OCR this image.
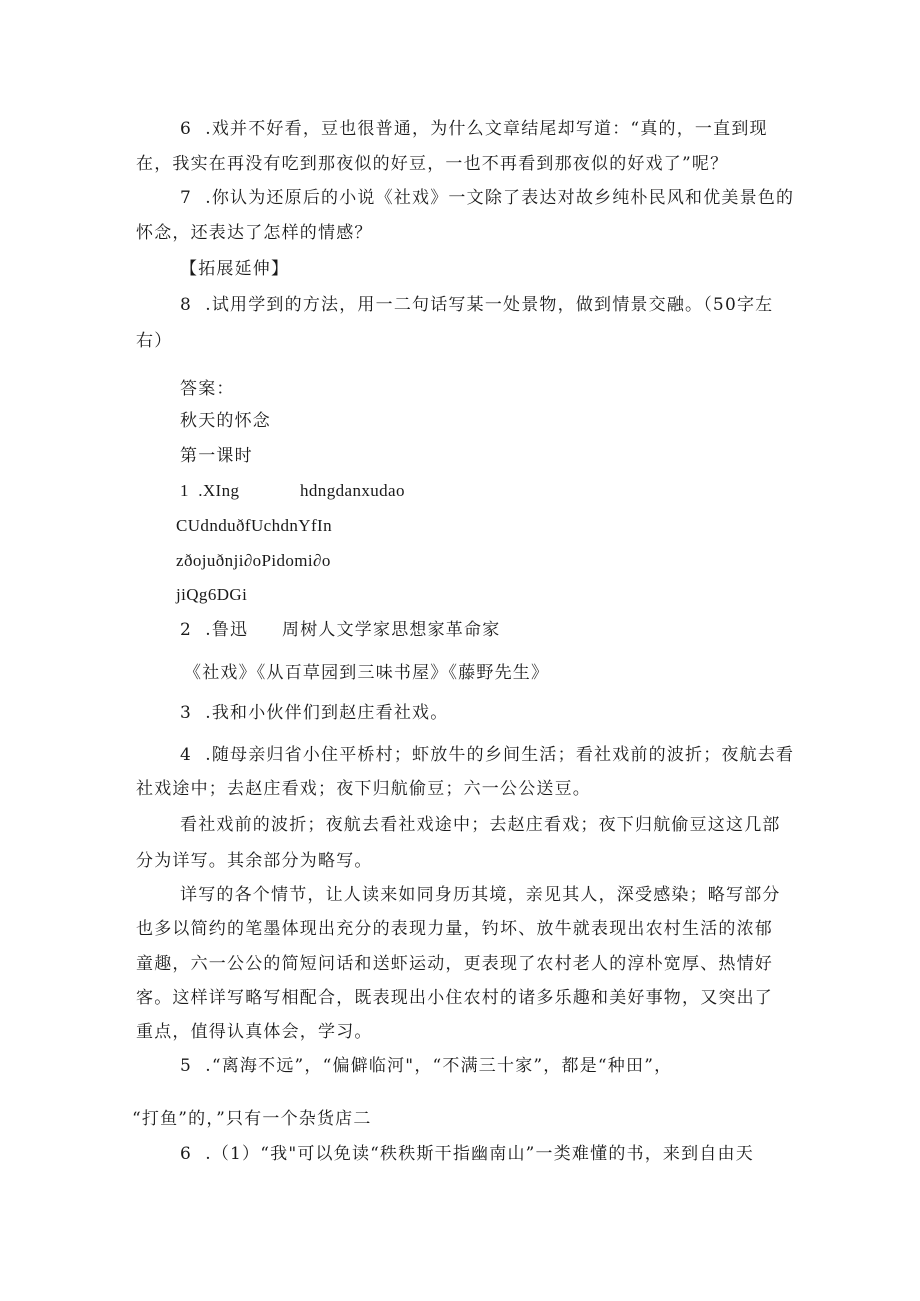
6  .戏并不好看，豆也很普通，为什么文章结尾却写道：“真的，一直到现
在，我实在再没有吃到那夜似的好豆，一也不再看到那夜似的好戏了”呢？
7  .你认为还原后的小说《社戏》一文除了表达对故乡纯朴民风和优美景色的
怀念，还表达了怎样的情感？
【拓展延伸】
8  .试用学到的方法，用一二句话写某一处景物，做到情景交融。（50字左
右）
答案：
秋天的怀念
第一课时
1  .XIng	hdngdanxudao
CUdnduðfUchdnYfIn
zðojuðnji∂oPidomi∂o
jiQg6DGi
2  .鲁迅 周树人文学家思想家革命家
《社戏》《从百草园到三味书屋》《藤野先生》
3  .我和小伙伴们到赵庄看社戏。
4  .随母亲归省小住平桥村；虾放牛的乡间生活；看社戏前的波折；夜航去看
社戏途中；去赵庄看戏；夜下归航偷豆；六一公公送豆。
看社戏前的波折；夜航去看社戏途中；去赵庄看戏；夜下归航偷豆这这几部
分为详写。其余部分为略写。
详写的各个情节，让人读来如同身历其境，亲见其人，深受感染；略写部分
也多以简约的笔墨体现出充分的表现力量，钓坏、放牛就表现出农村生活的浓郁
童趣，六一公公的简短问话和送虾运动，更表现了农村老人的淳朴宽厚、热情好
客。这样详写略写相配合，既表现出小住农村的诸多乐趣和美好事物，又突出了
重点，值得认真体会，学习。
5  .“离海不远”，“偏僻临河"，“不满三十家”，都是“种田”，
“打鱼”的，”只有一个杂货店二
6  .（1）“我"可以免读“秩秩斯干指幽南山”一类难懂的书，来到自由天
